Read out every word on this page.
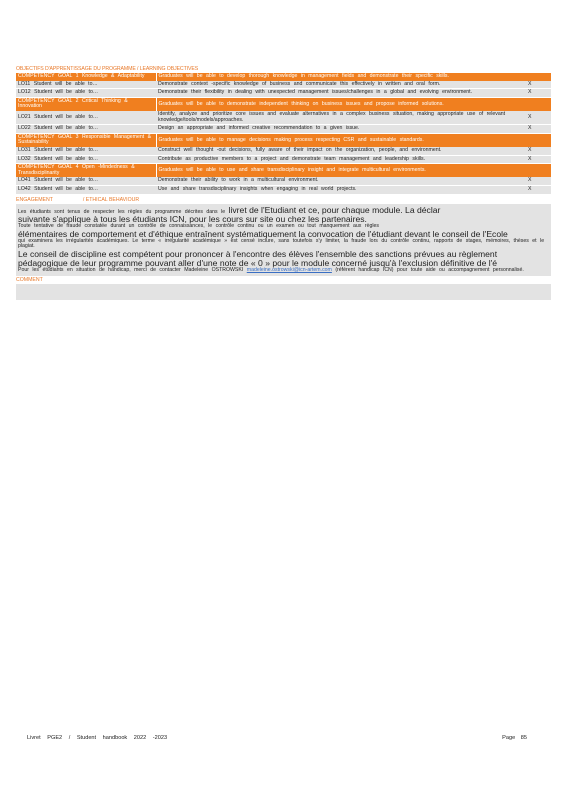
OBJECTIFS D'APPRENTISSAGE DU PROGRAMME / LEARNING OBJECTIVES
COMPETENCY GOAL 1 Knowledge & Adaptability	Graduates will be able to develop thorough knowledge in management fields and demonstrate their specific skills.	
LO11 Student will be able to…	Demonstrate context -specific knowledge of business and communicate this effectively in written and oral form.	X
LO12 Student will be able to…	Demonstrate their flexibility in dealing with unexpected management issues/challenges in a global and evolving environment.	X
COMPETENCY GOAL 2 Critical Thinking & Innovation	Graduates will be able to demonstrate independent thinking on business issues and propose informed solutions.	
LO21 Student will be able to…	Identify, analyze and prioritize core issues and evaluate alternatives in a complex business situation, making appropriate use of relevant knowledge/tools/models/approaches.	X
LO22 Student will be able to…	Design an appropriate and informed creative recommendation to a given issue.	X
COMPETENCY GOAL 3 Responsible Management & Sustainability	Graduates will be able to manage decisions making process respecting CSR and sustainable standards.	
LO31 Student will be able to…	Construct well thought -out decisions, fully aware of their impact on the organization, people, and environment.	X
LO32 Student will be able to…	Contribute as productive members to a project and demonstrate team management and leadership skills.	X
COMPETENCY GOAL 4 Open -Mindedness & Transdisciplinarity	Graduates will be able to use and share transdisciplinary insight and integrate multicultural environments.	
LO41 Student will be able to…	Demonstrate their ability to work in a multicultural environment.	X
LO42 Student will be able to…	Use and share transdisciplinary insights when engaging in real world projects.	X
ENGAGEMENT	/ ETHICAL BEHAVIOUR
Les étudiants sont tenus de respecter les règles du programme décrites dans le livret de l'Etudiant et ce, pour chaque module. La déclar
suivante s'applique à tous les étudiants ICN, pour les cours sur site ou chez les partenaires.
Toute tentative de fraude constatée durant un contrôle de connaissances, le contrôle continu ou un examen ou tout manquement aux règles
élémentaires de comportement et d'éthique entraînent systématiquement la convocation de l'étudiant devant le conseil de l'Ecole
qui examinera les irrégularités académiques. Le terme « irrégularité académique » est censé inclure, sans toutefois s'y limiter, la fraude lors du contrôle continu, rapports de stages, mémoires, thèses et le plagiat.
Le conseil de discipline est compétent pour prononcer à l'encontre des élèves l'ensemble des sanctions prévues au règlement
pédagogique de leur programme pouvant aller d'une note de « 0 » pour le module concerné jusqu'à l'exclusion définitive de l'é
Pour les étudiants en situation de handicap, merci de contacter Madeleine OSTROWSKI madeleine.ostrowski@icn-artem.com (référent handicap ICN) pour toute aide ou accompagnement personnalisé.
COMMENT
Livret PGE2 / Student handbook 2022 -2023	Page 85
